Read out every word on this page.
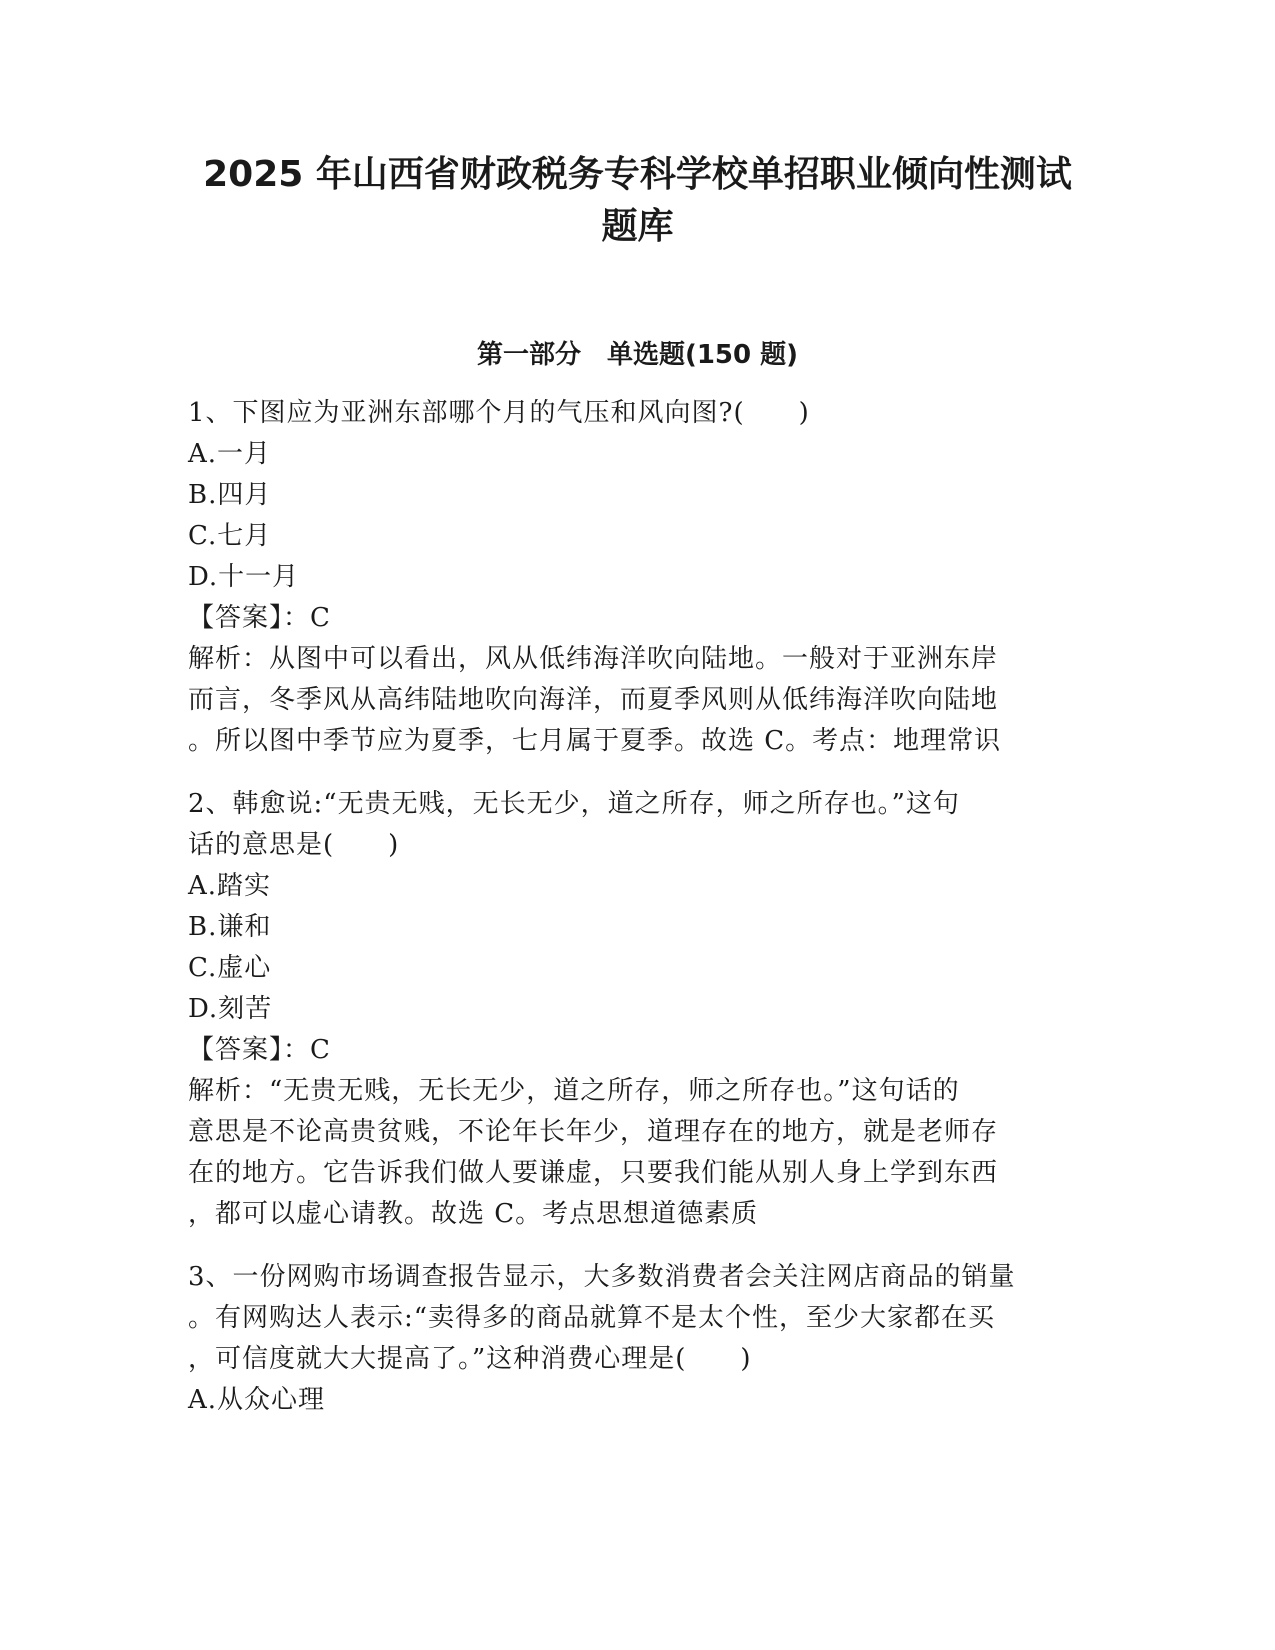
2025 年山西省财政税务专科学校单招职业倾向性测试
题库
第一部分　单选题(150 题)
1、下图应为亚洲东部哪个月的气压和风向图?(　　)
A.一月
B.四月
C.七月
D.十一月
【答案】：C
解析：从图中可以看出，风从低纬海洋吹向陆地。一般对于亚洲东岸
而言，冬季风从高纬陆地吹向海洋，而夏季风则从低纬海洋吹向陆地
。所以图中季节应为夏季，七月属于夏季。故选 C。考点：地理常识
2、韩愈说:“无贵无贱，无长无少，道之所存，师之所存也。”这句
话的意思是(　　)
A.踏实
B.谦和
C.虚心
D.刻苦
【答案】：C
解析：“无贵无贱，无长无少，道之所存，师之所存也。”这句话的
意思是不论高贵贫贱，不论年长年少，道理存在的地方，就是老师存
在的地方。它告诉我们做人要谦虚，只要我们能从别人身上学到东西
，都可以虚心请教。故选 C。考点思想道德素质
3、一份网购市场调查报告显示，大多数消费者会关注网店商品的销量
。有网购达人表示:“卖得多的商品就算不是太个性，至少大家都在买
，可信度就大大提高了。”这种消费心理是(　　)
A.从众心理
